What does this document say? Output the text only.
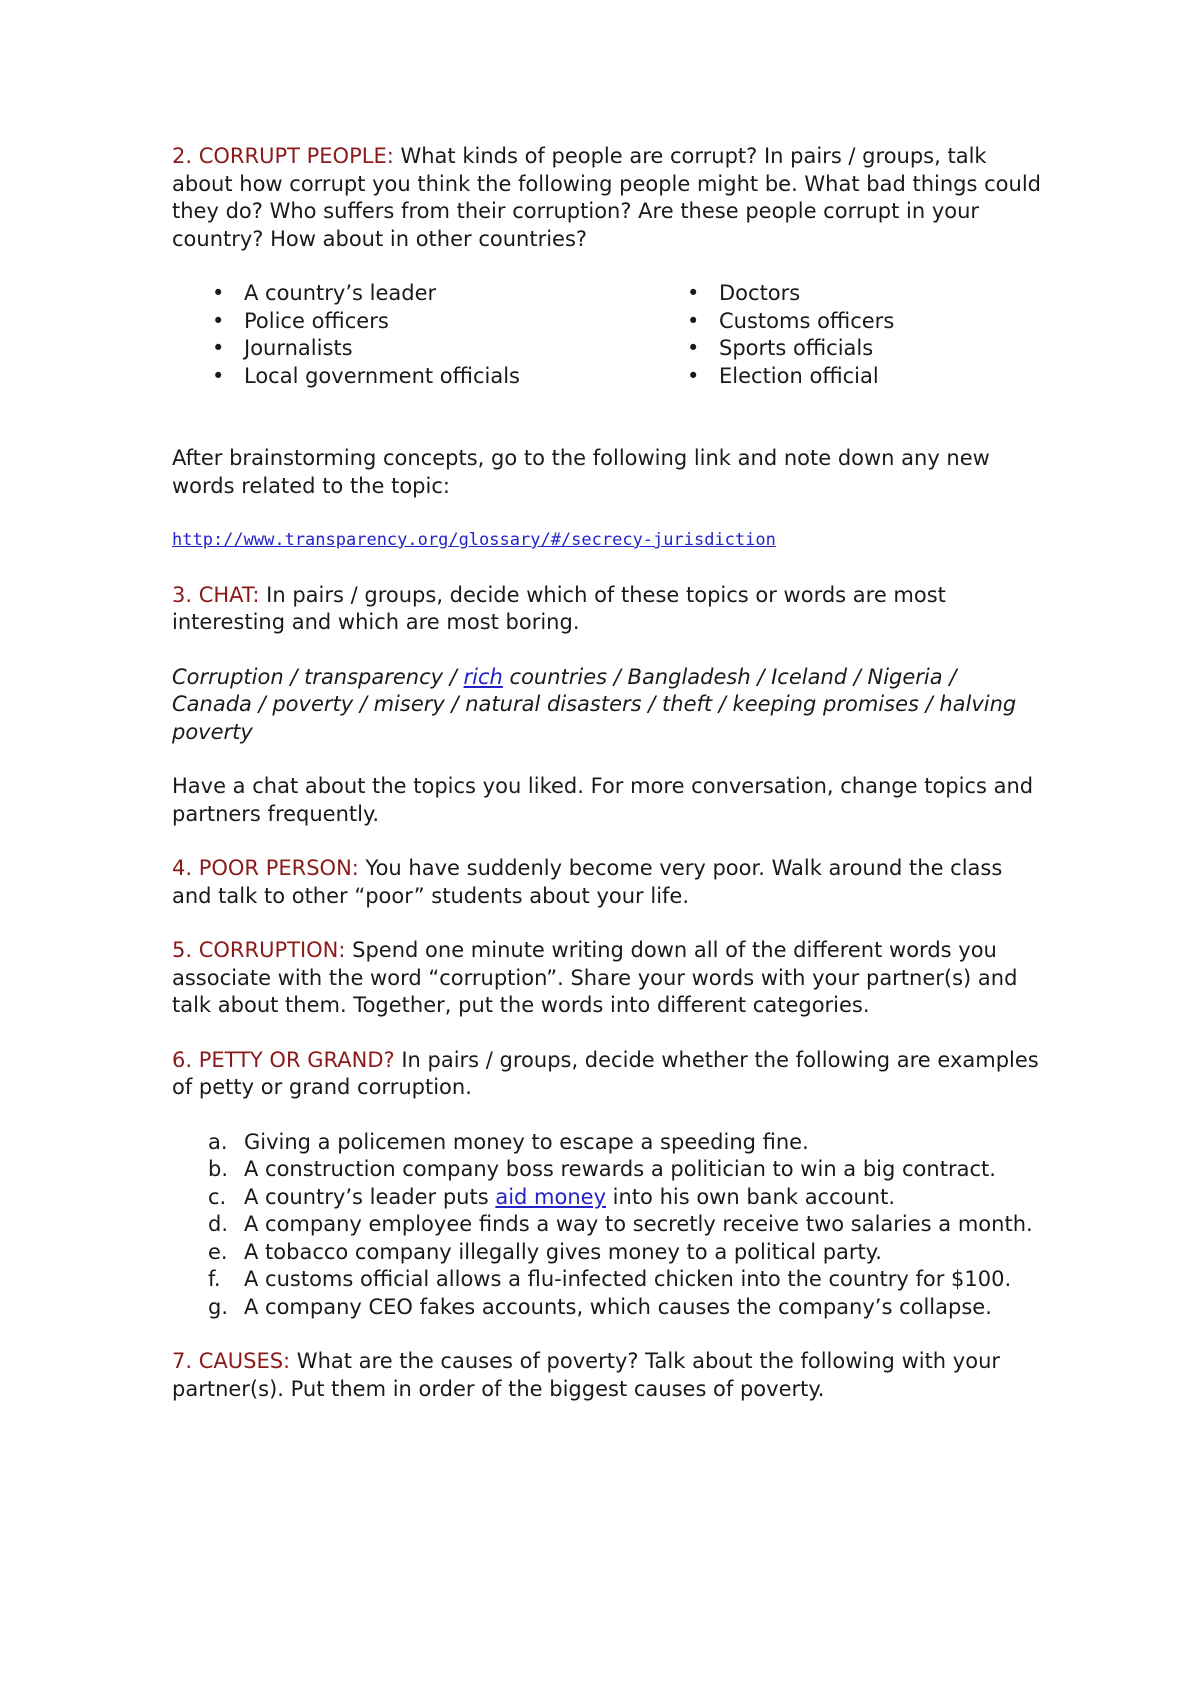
2. CORRUPT PEOPLE: What kinds of people are corrupt? In pairs / groups, talk about how corrupt you think the following people might be. What bad things could they do? Who suffers from their corruption? Are these people corrupt in your country? How about in other countries?

• A country’s leader
• Police officers
• Journalists
• Local government officials
• Doctors
• Customs officers
• Sports officials
• Election official

After brainstorming concepts, go to the following link and note down any new words related to the topic:

http://www.transparency.org/glossary/#/secrecy-jurisdiction

3. CHAT: In pairs / groups, decide which of these topics or words are most interesting and which are most boring.

Corruption / transparency / rich countries / Bangladesh / Iceland / Nigeria / Canada / poverty / misery / natural disasters / theft / keeping promises / halving poverty

Have a chat about the topics you liked. For more conversation, change topics and partners frequently.

4. POOR PERSON: You have suddenly become very poor. Walk around the class and talk to other “poor” students about your life.

5. CORRUPTION: Spend one minute writing down all of the different words you associate with the word “corruption”. Share your words with your partner(s) and talk about them. Together, put the words into different categories.

6. PETTY OR GRAND? In pairs / groups, decide whether the following are examples of petty or grand corruption.

a. Giving a policemen money to escape a speeding fine.
b. A construction company boss rewards a politician to win a big contract.
c. A country’s leader puts aid money into his own bank account.
d. A company employee finds a way to secretly receive two salaries a month.
e. A tobacco company illegally gives money to a political party.
f. A customs official allows a flu-infected chicken into the country for $100.
g. A company CEO fakes accounts, which causes the company’s collapse.

7. CAUSES: What are the causes of poverty? Talk about the following with your partner(s). Put them in order of the biggest causes of poverty.
